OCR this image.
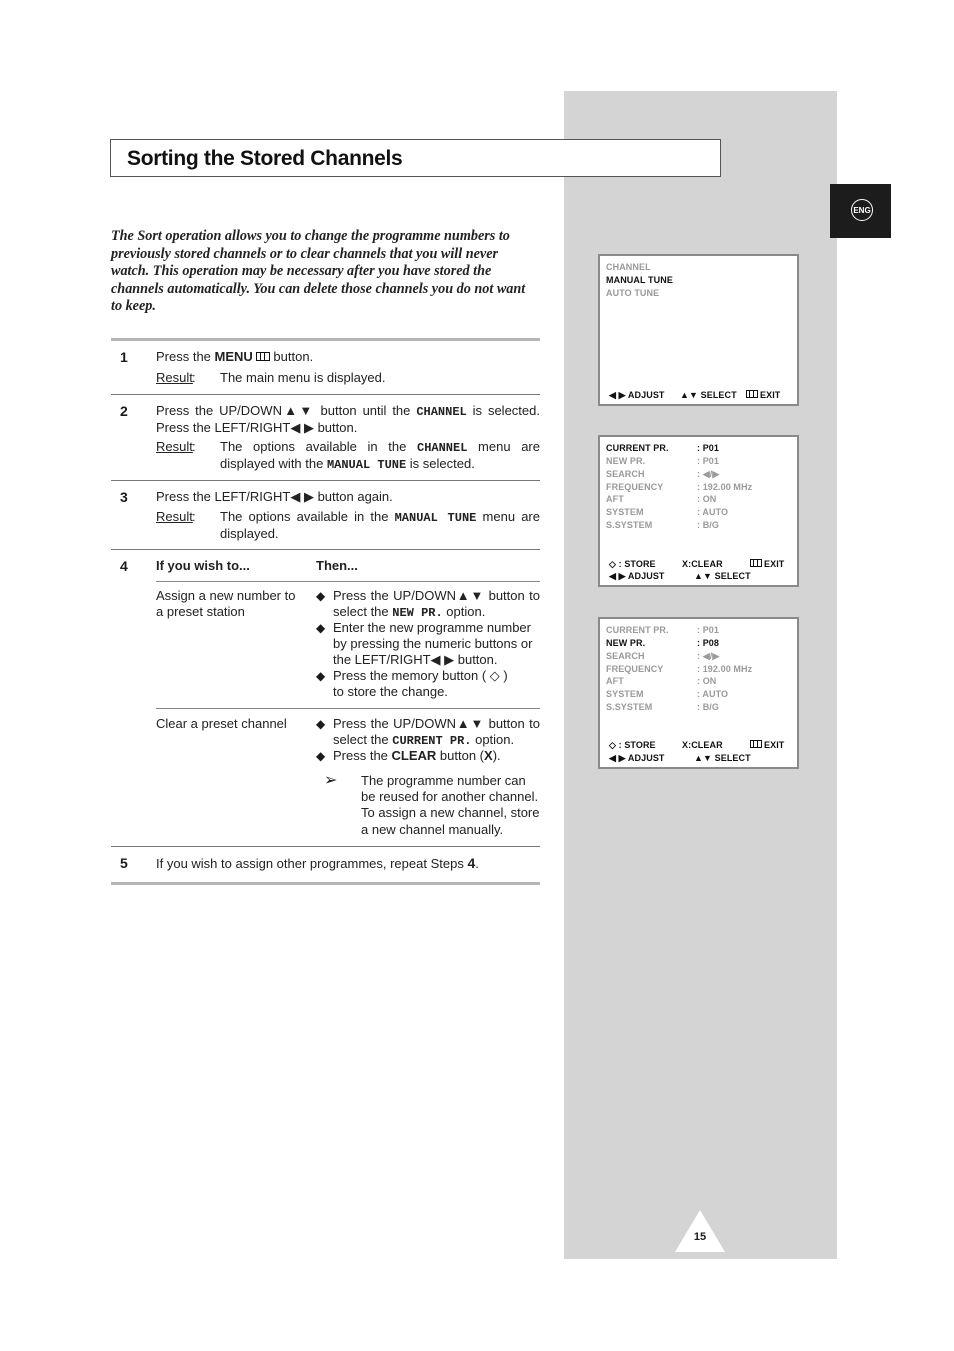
ENG
Sorting the Stored Channels
The Sort operation allows you to change the programme numbers to previously stored channels or to clear channels that you will never watch. This operation may be necessary after you have stored the channels automatically. You can delete those channels you do not want to keep.
1 Press the MENU button.
Result : The main menu is displayed.
2 Press the UP/DOWN▲▼ button until the CHANNEL is selected. Press the LEFT/RIGHT◀ ▶ button.
Result : The options available in the CHANNEL menu are displayed with the MANUAL TUNE is selected.
3 Press the LEFT/RIGHT◀ ▶ button again.
Result : The options available in the MANUAL TUNE menu are displayed.
4 If you wish to...	Then...
Assign a new number to a preset station
◆ Press the UP/DOWN▲▼ button to select the NEW PR. option.
◆ Enter the new programme number by pressing the numeric buttons or the LEFT/RIGHT◀ ▶ button.
◆ Press the memory button ( ◇ )
to store the change.
Clear a preset channel	◆ Press the UP/DOWN▲▼ button to select the CURRENT PR. option.
◆ Press the CLEAR button (X).
➢ The programme number can be reused for another channel. To assign a new channel, store a new channel manually.
5 If you wish to assign other programmes, repeat Steps 4.
CHANNEL
MANUAL TUNE
AUTO TUNE
◀ ▶ ADJUST ▲▼ SELECT	EXIT
CURRENT PR.	: P01
NEW PR.	: P01
SEARCH	: ◀/▶
FREQUENCY	: 192.00 MHz
AFT	: ON
SYSTEM	: AUTO
S.SYSTEM	: B/G
◇ : STORE	X:CLEAR	EXIT
◀ ▶ ADJUST	▲▼ SELECT
CURRENT PR.	: P01
NEW PR.	: P08
SEARCH	: ◀/▶
FREQUENCY	: 192.00 MHz
AFT	: ON
SYSTEM	: AUTO
S.SYSTEM	: B/G
◇ : STORE	X:CLEAR	EXIT
◀ ▶ ADJUST	▲▼ SELECT
15
